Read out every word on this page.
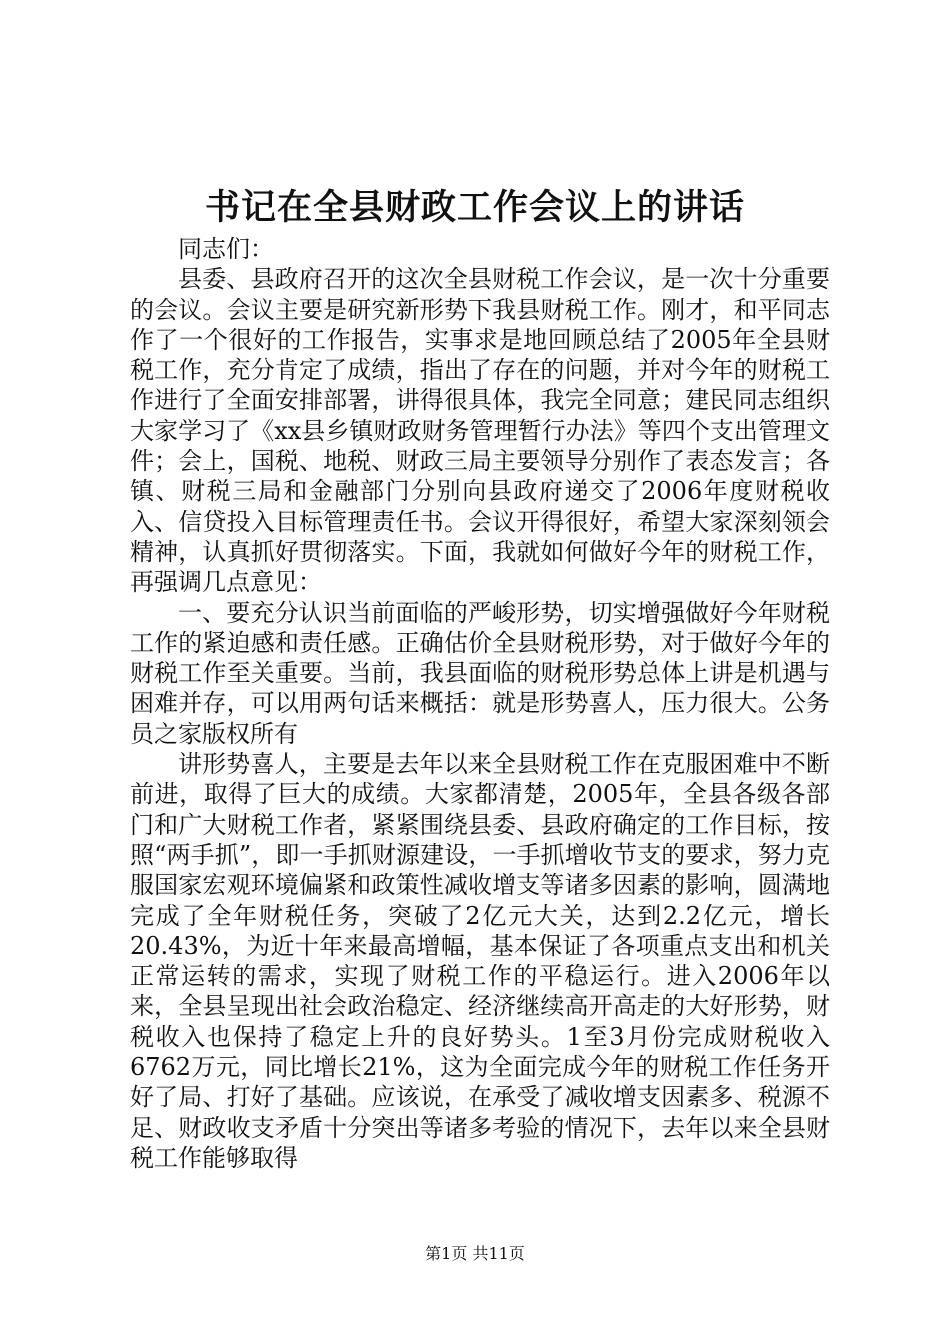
书记在全县财政工作会议上的讲话

同志们：

县委、县政府召开的这次全县财税工作会议，是一次十分重要的会议。会议主要是研究新形势下我县财税工作。刚才，和平同志作了一个很好的工作报告，实事求是地回顾总结了2005年全县财税工作，充分肯定了成绩，指出了存在的问题，并对今年的财税工作进行了全面安排部署，讲得很具体，我完全同意；建民同志组织大家学习了《xx县乡镇财政财务管理暂行办法》等四个支出管理文件；会上，国税、地税、财政三局主要领导分别作了表态发言；各镇、财税三局和金融部门分别向县政府递交了2006年度财税收入、信贷投入目标管理责任书。会议开得很好，希望大家深刻领会精神，认真抓好贯彻落实。下面，我就如何做好今年的财税工作，再强调几点意见：

一、要充分认识当前面临的严峻形势，切实增强做好今年财税工作的紧迫感和责任感。正确估价全县财税形势，对于做好今年的财税工作至关重要。当前，我县面临的财税形势总体上讲是机遇与困难并存，可以用两句话来概括：就是形势喜人，压力很大。公务员之家版权所有

讲形势喜人，主要是去年以来全县财税工作在克服困难中不断前进，取得了巨大的成绩。大家都清楚，2005年，全县各级各部门和广大财税工作者，紧紧围绕县委、县政府确定的工作目标，按照“两手抓”，即一手抓财源建设，一手抓增收节支的要求，努力克服国家宏观环境偏紧和政策性减收增支等诸多因素的影响，圆满地完成了全年财税任务，突破了2亿元大关，达到2.2亿元，增长20.43%，为近十年来最高增幅，基本保证了各项重点支出和机关正常运转的需求，实现了财税工作的平稳运行。进入2006年以来，全县呈现出社会政治稳定、经济继续高开高走的大好形势，财税收入也保持了稳定上升的良好势头。1至3月份完成财税收入6762万元，同比增长21%，这为全面完成今年的财税工作任务开好了局、打好了基础。应该说，在承受了减收增支因素多、税源不足、财政收支矛盾十分突出等诸多考验的情况下，去年以来全县财税工作能够取得

第1页 共11页
